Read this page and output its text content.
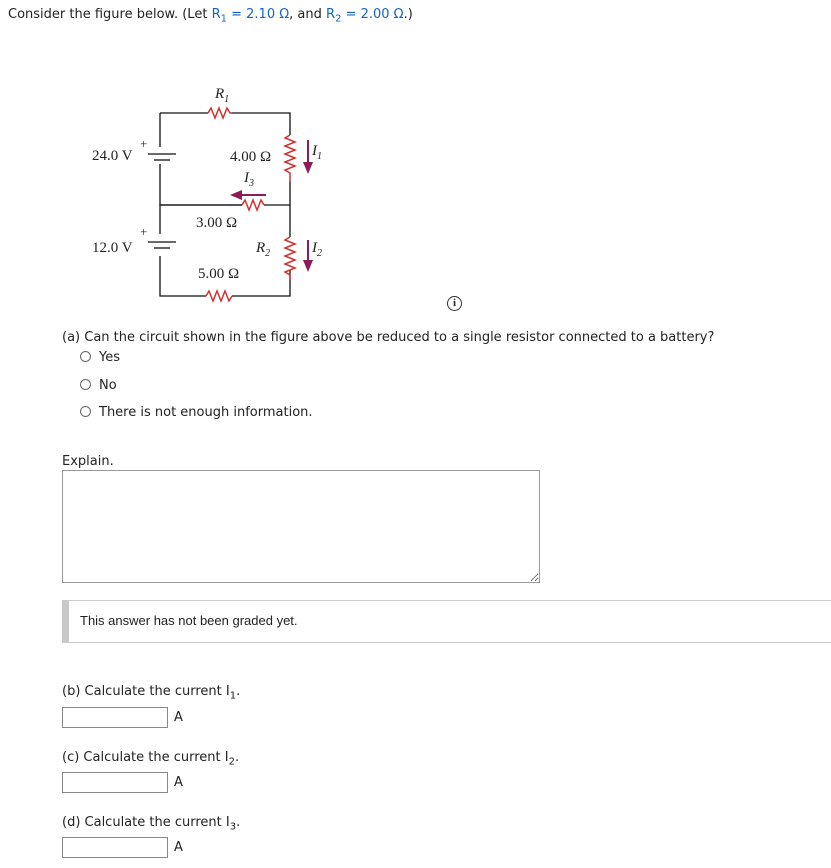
Consider the figure below. (Let $R_1 = 2.10$ Ω, and $R_2 = 2.00$ Ω.)
+
24.0 V
+
12.0 V
$R_1$
4.00 Ω
$I_3$
3.00 Ω
$R_2$
5.00 Ω
$I_1$
$I_2$
i
(a) Can the circuit shown in the figure above be reduced to a single resistor connected to a battery?
Yes
No
There is not enough information.
Explain.
This answer has not been graded yet.
(b) Calculate the current $I_1$.
A
(c) Calculate the current $I_2$.
A
(d) Calculate the current $I_3$.
A
